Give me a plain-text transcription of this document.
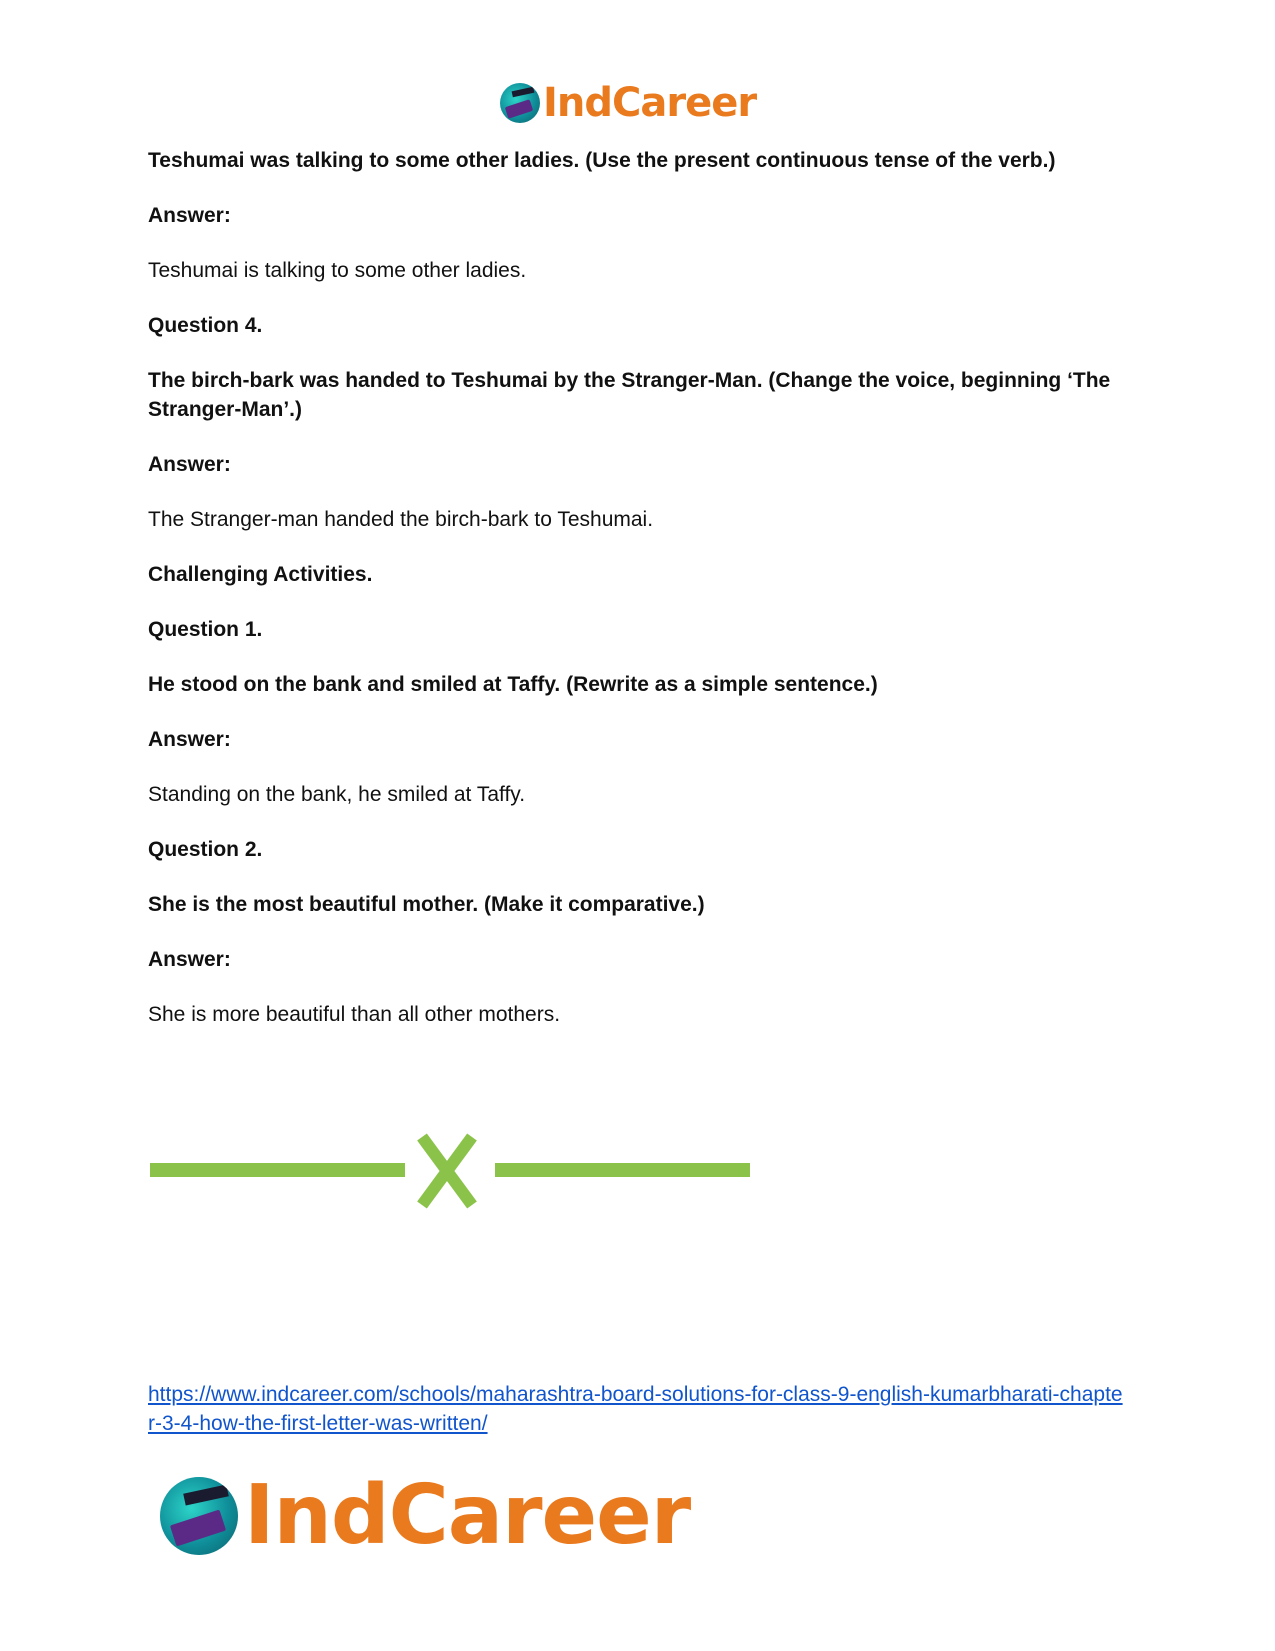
IndCareer

Teshumai was talking to some other ladies. (Use the present continuous tense of the verb.)

Answer:

Teshumai is talking to some other ladies.

Question 4.

The birch-bark was handed to Teshumai by the Stranger-Man. (Change the voice, beginning ‘The Stranger-Man’.)

Answer:

The Stranger-man handed the birch-bark to Teshumai.

Challenging Activities.

Question 1.

He stood on the bank and smiled at Taffy. (Rewrite as a simple sentence.)

Answer:

Standing on the bank, he smiled at Taffy.

Question 2.

She is the most beautiful mother. (Make it comparative.)

Answer:

She is more beautiful than all other mothers.

https://www.indcareer.com/schools/maharashtra-board-solutions-for-class-9-english-kumarbharati-chapter-3-4-how-the-first-letter-was-written/
IndCareer
